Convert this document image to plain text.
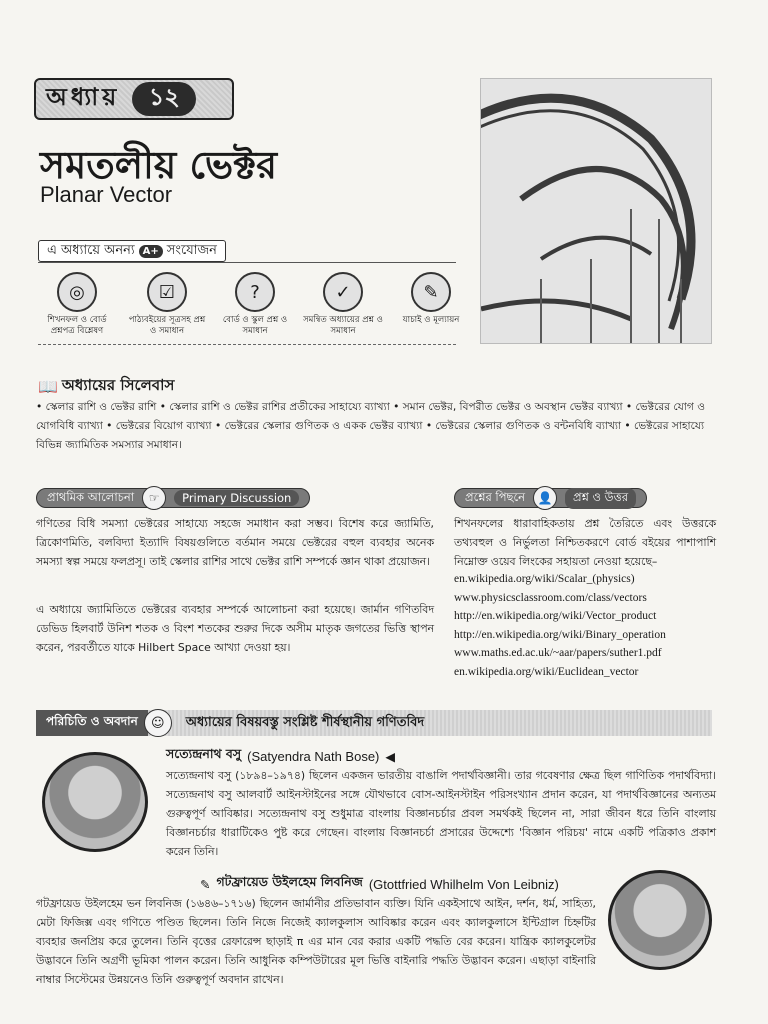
অধ্যায়	১২
সমতলীয় ভেক্টর
Planar Vector
এ অধ্যায়ে অনন্য A+ সংযোজন
◎
শিখনফল ও বোর্ড প্রশ্নপত্র বিশ্লেষণ
☑
পাঠ্যবইয়ের সূত্রসহ প্রশ্ন ও সমাধান
?
বোর্ড ও স্কুল প্রশ্ন ও সমাধান
✓
সমন্বিত অধ্যায়ের প্রশ্ন ও সমাধান
✎
যাচাই ও মূল্যায়ন
📖 অধ্যায়ের সিলেবাস
• স্কেলার রাশি ও ভেক্টর রাশি • স্কেলার রাশি ও ভেক্টর রাশির প্রতীকের সাহায্যে ব্যাখ্যা • সমান ভেক্টর, বিপরীত ভেক্টর ও অবস্থান ভেক্টর ব্যাখ্যা • ভেক্টরের যোগ ও যোগবিধি ব্যাখ্যা • ভেক্টরের বিয়োগ ব্যাখ্যা • ভেক্টরের স্কেলার গুণিতক ও একক ভেক্টর ব্যাখ্যা • ভেক্টরের স্কেলার গুণিতক ও বন্টনবিধি ব্যাখ্যা • ভেক্টরের সাহায্যে বিভিন্ন জ্যামিতিক সমস্যার সমাধান।
প্রাথমিক আলোচনা	☞	Primary Discussion
গণিতের বিধি সমস্যা ভেক্টরের সাহায্যে সহজে সমাধান করা সম্ভব। বিশেষ করে জ্যামিতি, ত্রিকোণমিতি, বলবিদ্যা ইত্যাদি বিষয়গুলিতে বর্তমান সময়ে ভেক্টরের বহুল ব্যবহার অনেক সমস্যা স্বল্প সময়ে ফলপ্রসূ। তাই স্কেলার রাশির সাথে ভেক্টর রাশি সম্পর্কে জ্ঞান থাকা প্রয়োজন।
এ অধ্যায়ে জ্যামিতিতে ভেক্টরের ব্যবহার সম্পর্কে আলোচনা করা হয়েছে। জার্মান গণিতবিদ ডেভিড হিলবার্ট উনিশ শতক ও বিংশ শতকের শুরুর দিকে অসীম মাতৃক জগতের ভিত্তি স্থাপন করেন, পরবর্তীতে যাকে Hilbert Space আখ্যা দেওয়া হয়।
প্রশ্নের পিছনে	👤	প্রশ্ন ও উত্তর
শিখনফলের ধারাবাহিকতায় প্রশ্ন তৈরিতে এবং উত্তরকে তথ্যবহুল ও নির্ভুলতা নিশ্চিতকরণে বোর্ড বইয়ের পাশাপাশি নিম্নোক্ত ওয়েব লিংকের সহায়তা নেওয়া হয়েছে–
en.wikipedia.org/wiki/Scalar_(physics)
www.physicsclassroom.com/class/vectors
http://en.wikipedia.org/wiki/Vector_product
http://en.wikipedia.org/wiki/Binary_operation
www.maths.ed.ac.uk/~aar/papers/suther1.pdf
en.wikipedia.org/wiki/Euclidean_vector
পরিচিতি ও অবদান	☺	অধ্যায়ের বিষয়বস্তু সংশ্লিষ্ট শীর্ষস্থানীয় গণিতবিদ
সত্যেন্দ্রনাথ বসু (Satyendra Nath Bose) ◀
সত্যেন্দ্রনাথ বসু (১৮৯৪–১৯৭৪) ছিলেন একজন ভারতীয় বাঙালি পদার্থবিজ্ঞানী। তার গবেষণার ক্ষেত্র ছিল গাণিতিক পদার্থবিদ্যা। সত্যেন্দ্রনাথ বসু আলবার্ট আইনস্টাইনের সঙ্গে যৌথভাবে বোস-আইনস্টাইন পরিসংখ্যান প্রদান করেন, যা পদার্থবিজ্ঞানের অন্যতম গুরুত্বপূর্ণ আবিষ্কার। সত্যেন্দ্রনাথ বসু শুধুমাত্র বাংলায় বিজ্ঞানচর্চার প্রবল সমর্থকই ছিলেন না, সারা জীবন ধরে তিনি বাংলায় বিজ্ঞানচর্চার ধারাটিকেও পুষ্ট করে গেছেন। বাংলায় বিজ্ঞানচর্চা প্রসারের উদ্দেশ্যে 'বিজ্ঞান পরিচয়' নামে একটি পত্রিকাও প্রকাশ করেন তিনি।
✎ গটফ্রায়েড উইলহেম লিবনিজ (Gtottfried Whilhelm Von Leibniz)
গটফ্রায়েড উইলহেম ভন লিবনিজ (১৬৪৬–১৭১৬) ছিলেন জার্মানীর প্রতিভাবান ব্যক্তি। যিনি একইসাথে আইন, দর্শন, ধর্ম, সাহিত্য, মেটা ফিজিক্স এবং গণিতে পণ্ডিত ছিলেন। তিনি নিজে নিজেই ক্যালকুলাস আবিষ্কার করেন এবং ক্যালকুলাসে ইন্টিগ্রাল চিহ্নটির ব্যবহার জনপ্রিয় করে তুলেন। তিনি বৃত্তের রেফারেন্স ছাড়াই π এর মান বের করার একটি পদ্ধতি বের করেন। যান্ত্রিক ক্যালকুলেটর উদ্ভাবনে তিনি অগ্রণী ভূমিকা পালন করেন। তিনি আধুনিক কম্পিউটারের মূল ভিত্তি বাইনারি পদ্ধতি উদ্ভাবন করেন। এছাড়া বাইনারি নাম্বার সিস্টেমের উন্নয়নেও তিনি গুরুত্বপূর্ণ অবদান রাখেন।
